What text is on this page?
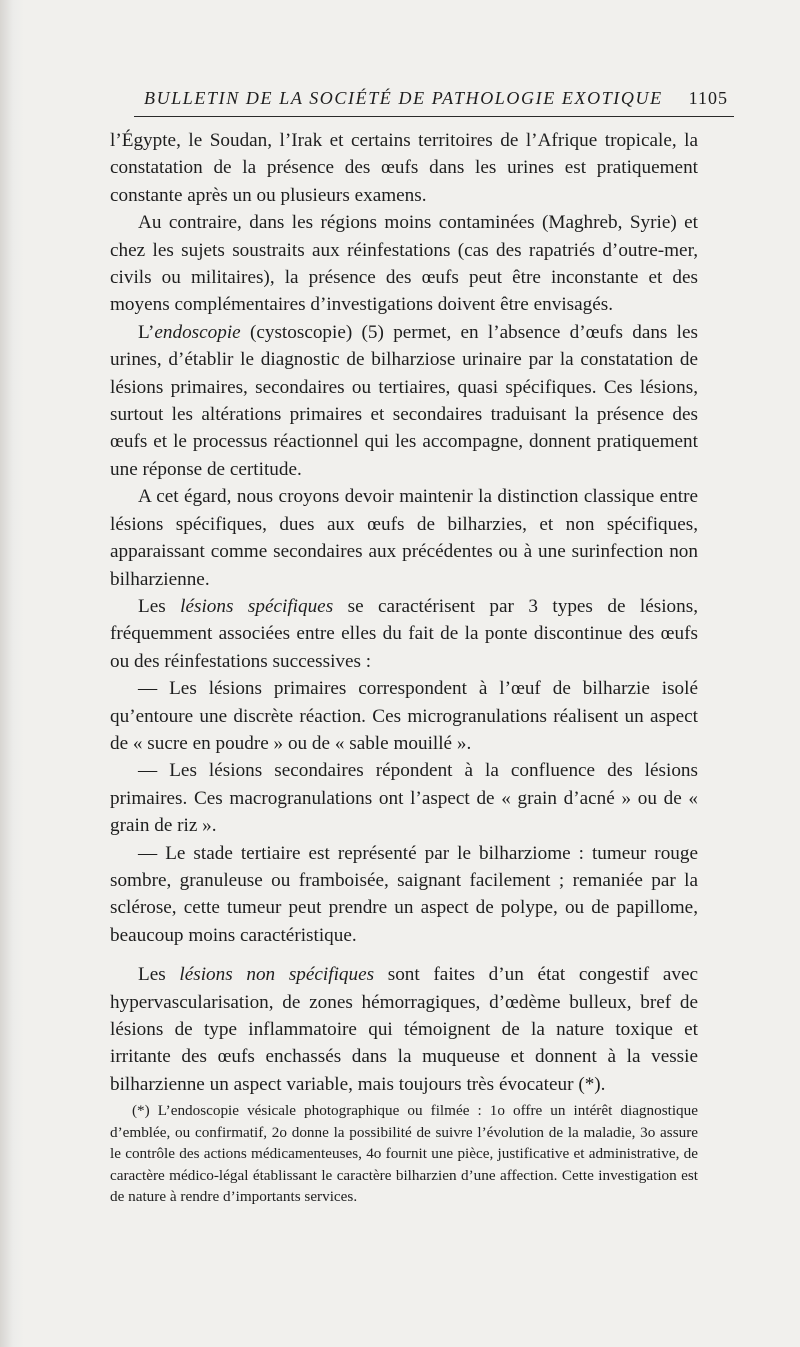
BULLETIN DE LA SOCIÉTÉ DE PATHOLOGIE EXOTIQUE 1105

l’Égypte, le Soudan, l’Irak et certains territoires de l’Afrique tropicale, la constatation de la présence des œufs dans les urines est pratiquement constante après un ou plusieurs examens.

Au contraire, dans les régions moins contaminées (Maghreb, Syrie) et chez les sujets soustraits aux réinfestations (cas des rapatriés d’outre-mer, civils ou militaires), la présence des œufs peut être inconstante et des moyens complémentaires d’investigations doivent être envisagés.

L’endoscopie (cystoscopie) (5) permet, en l’absence d’œufs dans les urines, d’établir le diagnostic de bilharziose urinaire par la constatation de lésions primaires, secondaires ou tertiaires, quasi spécifiques. Ces lésions, surtout les altérations primaires et secondaires traduisant la présence des œufs et le processus réactionnel qui les accompagne, donnent pratiquement une réponse de certitude.

A cet égard, nous croyons devoir maintenir la distinction classique entre lésions spécifiques, dues aux œufs de bilharzies, et non spécifiques, apparaissant comme secondaires aux précédentes ou à une surinfection non bilharzienne.

Les lésions spécifiques se caractérisent par 3 types de lésions, fréquemment associées entre elles du fait de la ponte discontinue des œufs ou des réinfestations successives :

— Les lésions primaires correspondent à l’œuf de bilharzie isolé qu’entoure une discrète réaction. Ces microgranulations réalisent un aspect de « sucre en poudre » ou de « sable mouillé ».

— Les lésions secondaires répondent à la confluence des lésions primaires. Ces macrogranulations ont l’aspect de « grain d’acné » ou de « grain de riz ».

— Le stade tertiaire est représenté par le bilharziome : tumeur rouge sombre, granuleuse ou framboisée, saignant facilement ; remaniée par la sclérose, cette tumeur peut prendre un aspect de polype, ou de papillome, beaucoup moins caractéristique.

Les lésions non spécifiques sont faites d’un état congestif avec hypervascularisation, de zones hémorragiques, d’œdème bulleux, bref de lésions de type inflammatoire qui témoignent de la nature toxique et irritante des œufs enchassés dans la muqueuse et donnent à la vessie bilharzienne un aspect variable, mais toujours très évocateur (*).

(*) L’endoscopie vésicale photographique ou filmée : 1o offre un intérêt diagnostique d’emblée, ou confirmatif, 2o donne la possibilité de suivre l’évolution de la maladie, 3o assure le contrôle des actions médicamenteuses, 4o fournit une pièce, justificative et administrative, de caractère médico-légal établissant le caractère bilharzien d’une affection. Cette investigation est de nature à rendre d’importants services.
